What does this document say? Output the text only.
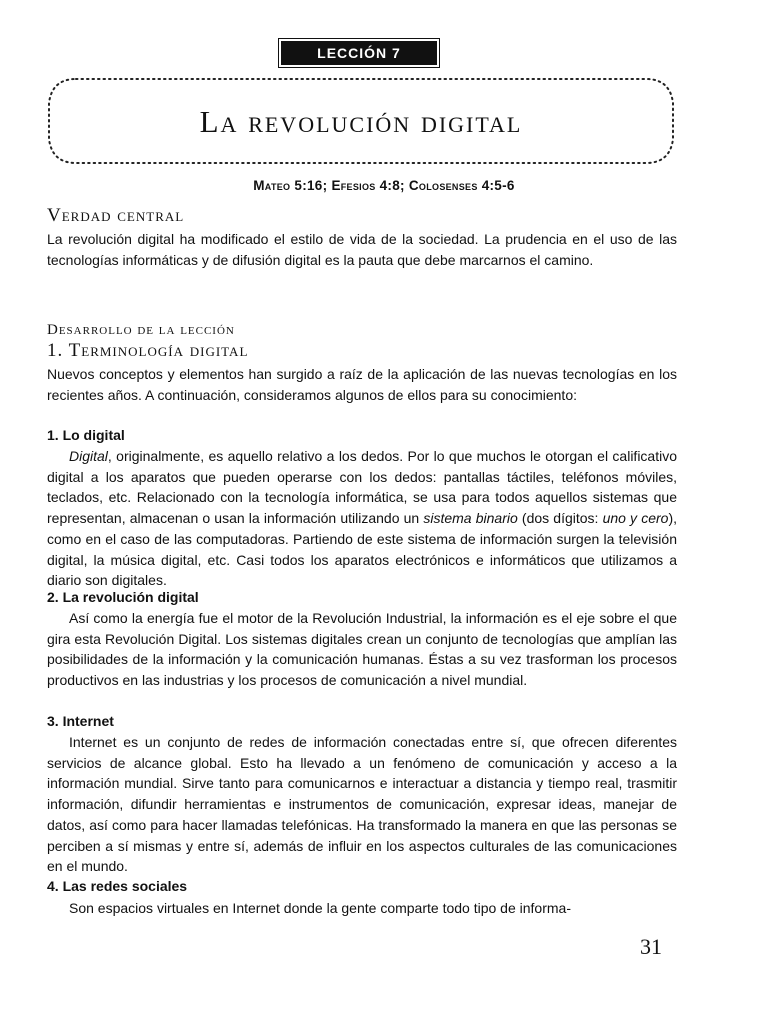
LECCIÓN 7
La revolución digital
Mateo 5:16; Efesios 4:8; Colosenses 4:5-6
Verdad central

La revolución digital ha modificado el estilo de vida de la sociedad. La prudencia en el uso de las tecnologías informáticas y de difusión digital es la pauta que debe marcarnos el camino.

Desarrollo de la lección
1. Terminología digital

Nuevos conceptos y elementos han surgido a raíz de la aplicación de las nuevas tecnologías en los recientes años. A continuación, consideramos algunos de ellos para su conocimiento:

1. Lo digital

Digital, originalmente, es aquello relativo a los dedos. Por lo que muchos le otorgan el calificativo digital a los aparatos que pueden operarse con los dedos: pantallas táctiles, teléfonos móviles, teclados, etc. Relacionado con la tecnología informática, se usa para todos aquellos sistemas que representan, almacenan o usan la información utilizando un sistema binario (dos dígitos: uno y cero), como en el caso de las computadoras. Partiendo de este sistema de información surgen la televisión digital, la música digital, etc. Casi todos los aparatos electrónicos e informáticos que utilizamos a diario son digitales.

2. La revolución digital

Así como la energía fue el motor de la Revolución Industrial, la información es el eje sobre el que gira esta Revolución Digital. Los sistemas digitales crean un conjunto de tecnologías que amplían las posibilidades de la información y la comunicación humanas. Éstas a su vez trasforman los procesos productivos en las industrias y los procesos de comunicación a nivel mundial.

3. Internet

Internet es un conjunto de redes de información conectadas entre sí, que ofrecen diferentes servicios de alcance global. Esto ha llevado a un fenómeno de comunicación y acceso a la información mundial. Sirve tanto para comunicarnos e interactuar a distancia y tiempo real, trasmitir información, difundir herramientas e instrumentos de comunicación, expresar ideas, manejar de datos, así como para hacer llamadas telefónicas. Ha transformado la manera en que las personas se perciben a sí mismas y entre sí, además de influir en los aspectos culturales de las comunicaciones en el mundo.

4. Las redes sociales

Son espacios virtuales en Internet donde la gente comparte todo tipo de informa-

31
